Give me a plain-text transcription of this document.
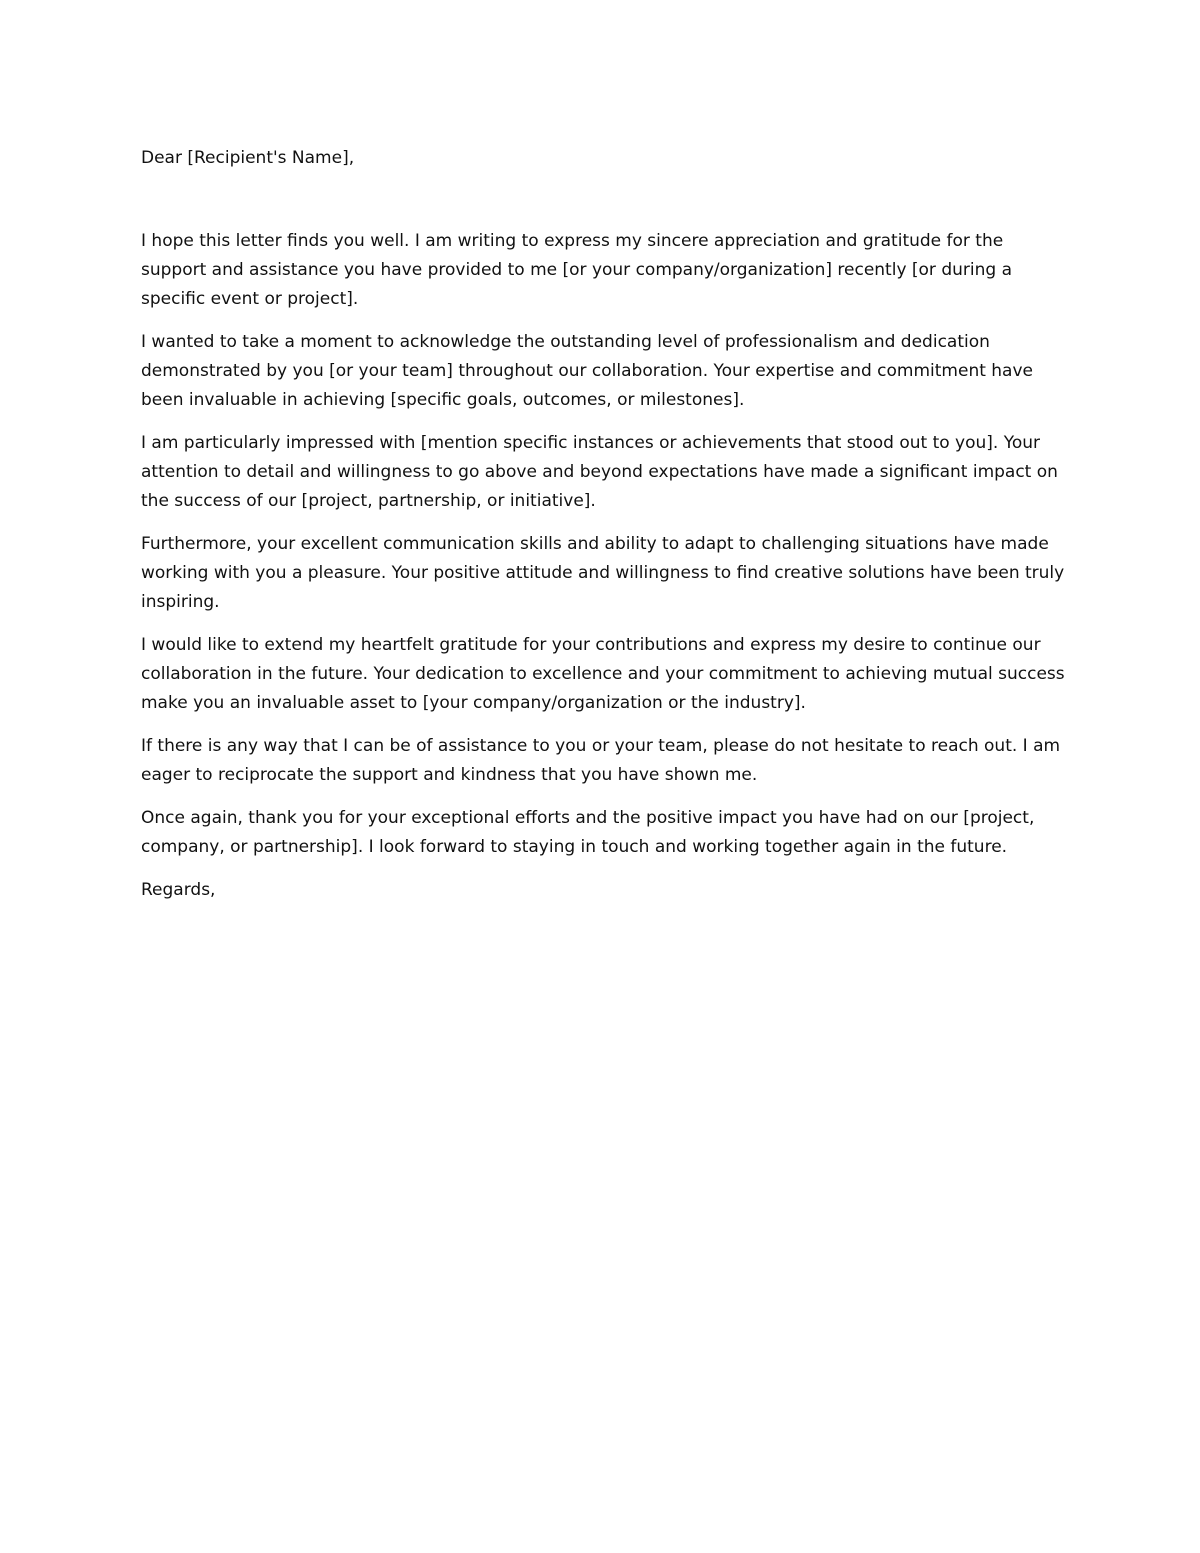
Dear [Recipient's Name],

I hope this letter finds you well. I am writing to express my sincere appreciation and gratitude for the support and assistance you have provided to me [or your company/organization] recently [or during a specific event or project].

I wanted to take a moment to acknowledge the outstanding level of professionalism and dedication demonstrated by you [or your team] throughout our collaboration. Your expertise and commitment have been invaluable in achieving [specific goals, outcomes, or milestones].

I am particularly impressed with [mention specific instances or achievements that stood out to you]. Your attention to detail and willingness to go above and beyond expectations have made a significant impact on the success of our [project, partnership, or initiative].

Furthermore, your excellent communication skills and ability to adapt to challenging situations have made working with you a pleasure. Your positive attitude and willingness to find creative solutions have been truly inspiring.

I would like to extend my heartfelt gratitude for your contributions and express my desire to continue our collaboration in the future. Your dedication to excellence and your commitment to achieving mutual success make you an invaluable asset to [your company/organization or the industry].

If there is any way that I can be of assistance to you or your team, please do not hesitate to reach out. I am eager to reciprocate the support and kindness that you have shown me.

Once again, thank you for your exceptional efforts and the positive impact you have had on our [project, company, or partnership]. I look forward to staying in touch and working together again in the future.

Regards,
